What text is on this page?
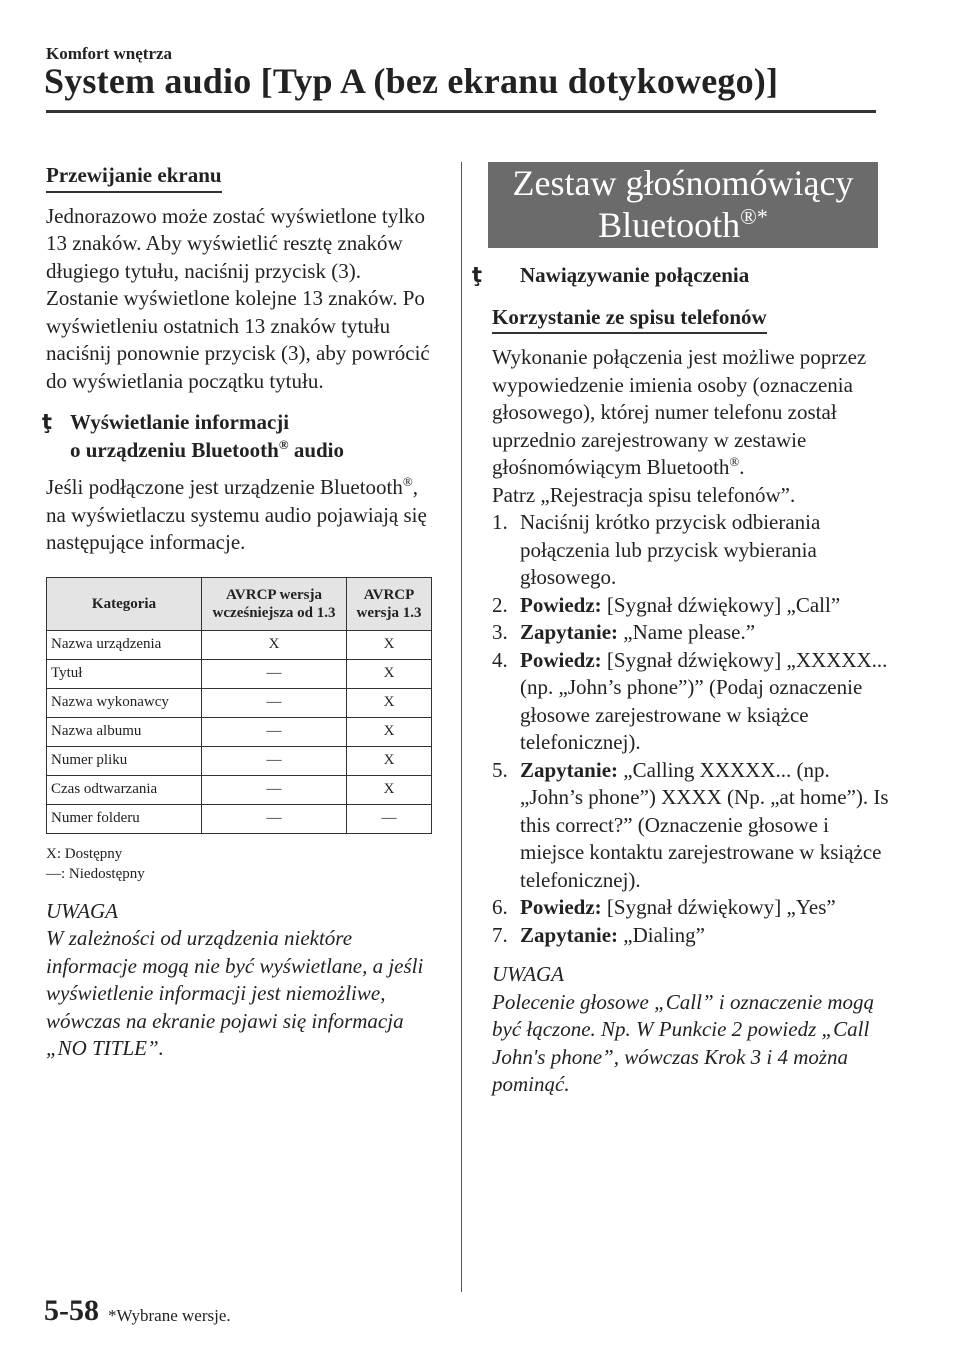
Komfort wnętrza
System audio [Typ A (bez ekranu dotykowego)]
Przewijanie ekranu

Jednorazowo może zostać wyświetlone tylko 13 znaków. Aby wyświetlić resztę znaków długiego tytułu, naciśnij przycisk (3). Zostanie wyświetlone kolejne 13 znaków. Po wyświetleniu ostatnich 13 znaków tytułu naciśnij ponownie przycisk (3), aby powrócić do wyświetlania początku tytułu.

ţ Wyświetlanie informacji
o urządzeniu Bluetooth® audio

Jeśli podłączone jest urządzenie Bluetooth®, na wyświetlaczu systemu audio pojawiają się następujące informacje.

Kategoria	AVRCP wersja wcześniejsza od 1.3	AVRCP wersja 1.3
Nazwa urządzenia	X	X
Tytuł	—	X
Nazwa wykonawcy	—	X
Nazwa albumu	—	X
Numer pliku	—	X
Czas odtwarzania	—	X
Numer folderu	—	—
X: Dostępny
—: Niedostępny
UWAGA
W zależności od urządzenia niektóre informacje mogą nie być wyświetlane, a jeśli wyświetlenie informacji jest niemożliwe, wówczas na ekranie pojawi się informacja „NO TITLE”.
Zestaw głośnomówiący
Bluetooth®*
ţ Nawiązywanie połączenia
Korzystanie ze spisu telefonów

Wykonanie połączenia jest możliwe poprzez wypowiedzenie imienia osoby (oznaczenia głosowego), której numer telefonu został uprzednio zarejestrowany w zestawie głośnomówiącym Bluetooth®.

Patrz „Rejestracja spisu telefonów”.

1. Naciśnij krótko przycisk odbierania połączenia lub przycisk wybierania głosowego.
2. Powiedz: [Sygnał dźwiękowy] „Call”
3. Zapytanie: „Name please.”
4. Powiedz: [Sygnał dźwiękowy] „XXXXX... (np. „John’s phone”)” (Podaj oznaczenie głosowe zarejestrowane w książce telefonicznej).
5. Zapytanie: „Calling XXXXX... (np. „John’s phone”) XXXX (Np. „at home”). Is this correct?” (Oznaczenie głosowe i miejsce kontaktu zarejestrowane w książce telefonicznej).
6. Powiedz: [Sygnał dźwiękowy] „Yes”
7. Zapytanie: „Dialing”
UWAGA
Polecenie głosowe „Call” i oznaczenie mogą być łączone. Np. W Punkcie 2 powiedz „Call John's phone”, wówczas Krok 3 i 4 można pominąć.
5-58 *Wybrane wersje.
